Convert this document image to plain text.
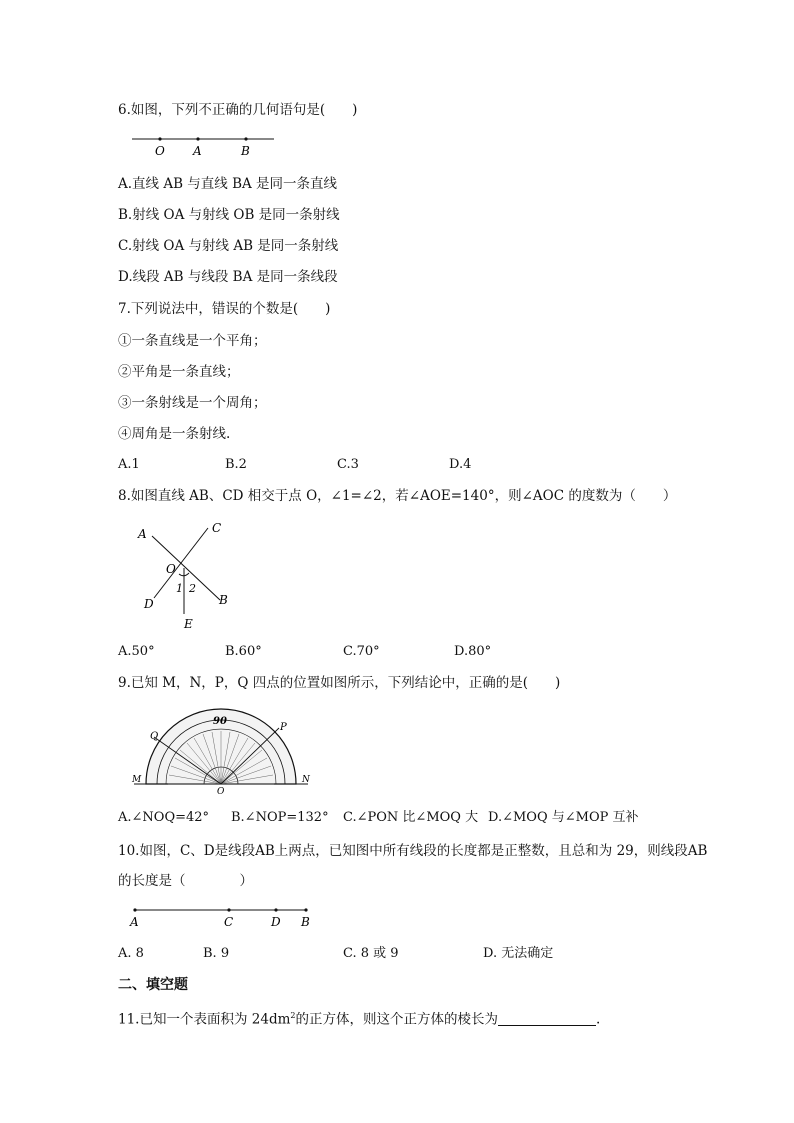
6.如图，下列不正确的几何语句是(　　)
O A	B
A.直线 AB 与直线 BA 是同一条直线
B.射线 OA 与射线 OB 是同一条射线
C.射线 OA 与射线 AB 是同一条射线
D.线段 AB 与线段 BA 是同一条线段
7.下列说法中，错误的个数是(　　)
①一条直线是一个平角；
②平角是一条直线；
③一条射线是一个周角；
④周角是一条射线.
A.1	B.2	C.3	D.4
8.如图直线 AB、CD 相交于点 O，∠1=∠2，若∠AOE=140°，则∠AOC 的度数为（　　）
A	C
O
1 2
D	B
E
A.50°	B.60°	C.70°	D.80°
9.已知 M，N，P，Q 四点的位置如图所示，下列结论中，正确的是(　　)
90
Q
P
M	N
O
A.∠NOQ=42° B.∠NOP=132° C.∠PON 比∠MOQ 大 D.∠MOQ 与∠MOP 互补
10.如图，C、D是线段AB上两点，已知图中所有线段的长度都是正整数，且总和为 29，则线段AB
的长度是（　　　　）
A	C	D B
A. 8	B. 9	C. 8 或 9	D. 无法确定
二、填空题
11.已知一个表面积为 $24dm^2$的正方体，则这个正方体的棱长为	.
